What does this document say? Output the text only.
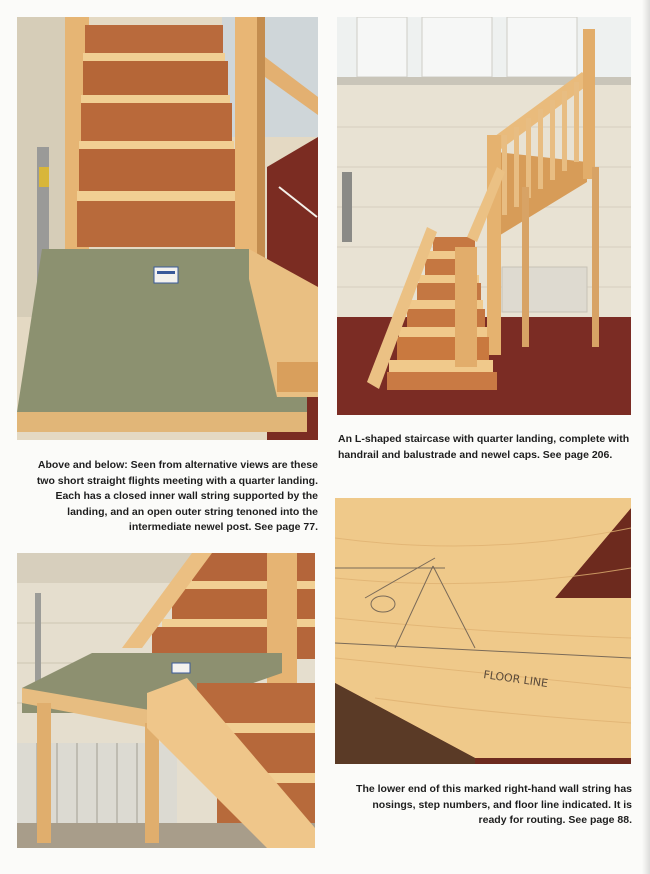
An L-shaped staircase with quarter landing, complete with handrail and balustrade and newel caps. See page 206.

Above and below: Seen from alternative views are these two short straight flights meeting with a quarter landing. Each has a closed inner wall string supported by the landing, and an open outer string tenoned into the intermediate newel post. See page 77.

FLOOR LINE

The lower end of this marked right-hand wall string has nosings, step numbers, and floor line indicated. It is ready for routing. See page 88.
